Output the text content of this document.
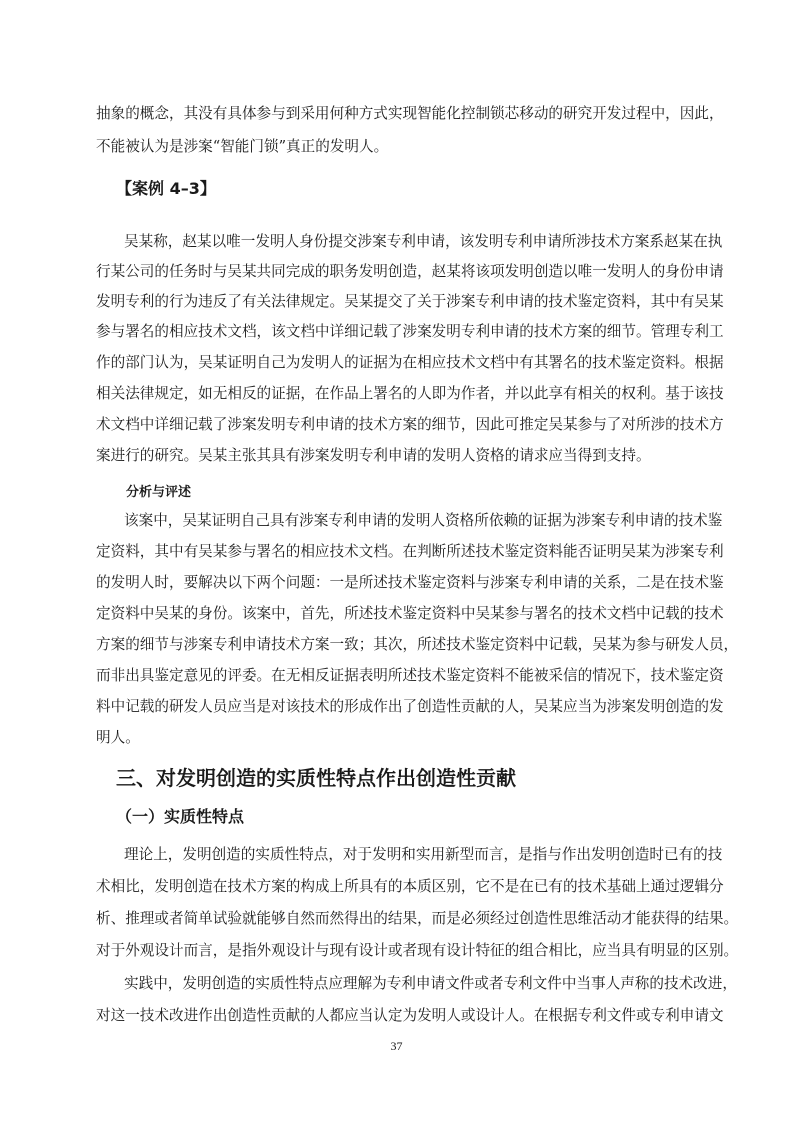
抽象的概念，其没有具体参与到采用何种方式实现智能化控制锁芯移动的研究开发过程中，因此，
不能被认为是涉案“智能门锁”真正的发明人。
【案例 4–3】
吴某称，赵某以唯一发明人身份提交涉案专利申请，该发明专利申请所涉技术方案系赵某在执
行某公司的任务时与吴某共同完成的职务发明创造，赵某将该项发明创造以唯一发明人的身份申请
发明专利的行为违反了有关法律规定。吴某提交了关于涉案专利申请的技术鉴定资料，其中有吴某
参与署名的相应技术文档，该文档中详细记载了涉案发明专利申请的技术方案的细节。管理专利工
作的部门认为，吴某证明自己为发明人的证据为在相应技术文档中有其署名的技术鉴定资料。根据
相关法律规定，如无相反的证据，在作品上署名的人即为作者，并以此享有相关的权利。基于该技
术文档中详细记载了涉案发明专利申请的技术方案的细节，因此可推定吴某参与了对所涉的技术方
案进行的研究。吴某主张其具有涉案发明专利申请的发明人资格的请求应当得到支持。
分析与评述
该案中，吴某证明自己具有涉案专利申请的发明人资格所依赖的证据为涉案专利申请的技术鉴
定资料，其中有吴某参与署名的相应技术文档。在判断所述技术鉴定资料能否证明吴某为涉案专利
的发明人时，要解决以下两个问题：一是所述技术鉴定资料与涉案专利申请的关系，二是在技术鉴
定资料中吴某的身份。该案中，首先，所述技术鉴定资料中吴某参与署名的技术文档中记载的技术
方案的细节与涉案专利申请技术方案一致；其次，所述技术鉴定资料中记载，吴某为参与研发人员，
而非出具鉴定意见的评委。在无相反证据表明所述技术鉴定资料不能被采信的情况下，技术鉴定资
料中记载的研发人员应当是对该技术的形成作出了创造性贡献的人，吴某应当为涉案发明创造的发
明人。
三、对发明创造的实质性特点作出创造性贡献
（一）实质性特点
理论上，发明创造的实质性特点，对于发明和实用新型而言，是指与作出发明创造时已有的技
术相比，发明创造在技术方案的构成上所具有的本质区别，它不是在已有的技术基础上通过逻辑分
析、推理或者简单试验就能够自然而然得出的结果，而是必须经过创造性思维活动才能获得的结果。
对于外观设计而言，是指外观设计与现有设计或者现有设计特征的组合相比，应当具有明显的区别。
实践中，发明创造的实质性特点应理解为专利申请文件或者专利文件中当事人声称的技术改进，
对这一技术改进作出创造性贡献的人都应当认定为发明人或设计人。在根据专利文件或专利申请文
37
